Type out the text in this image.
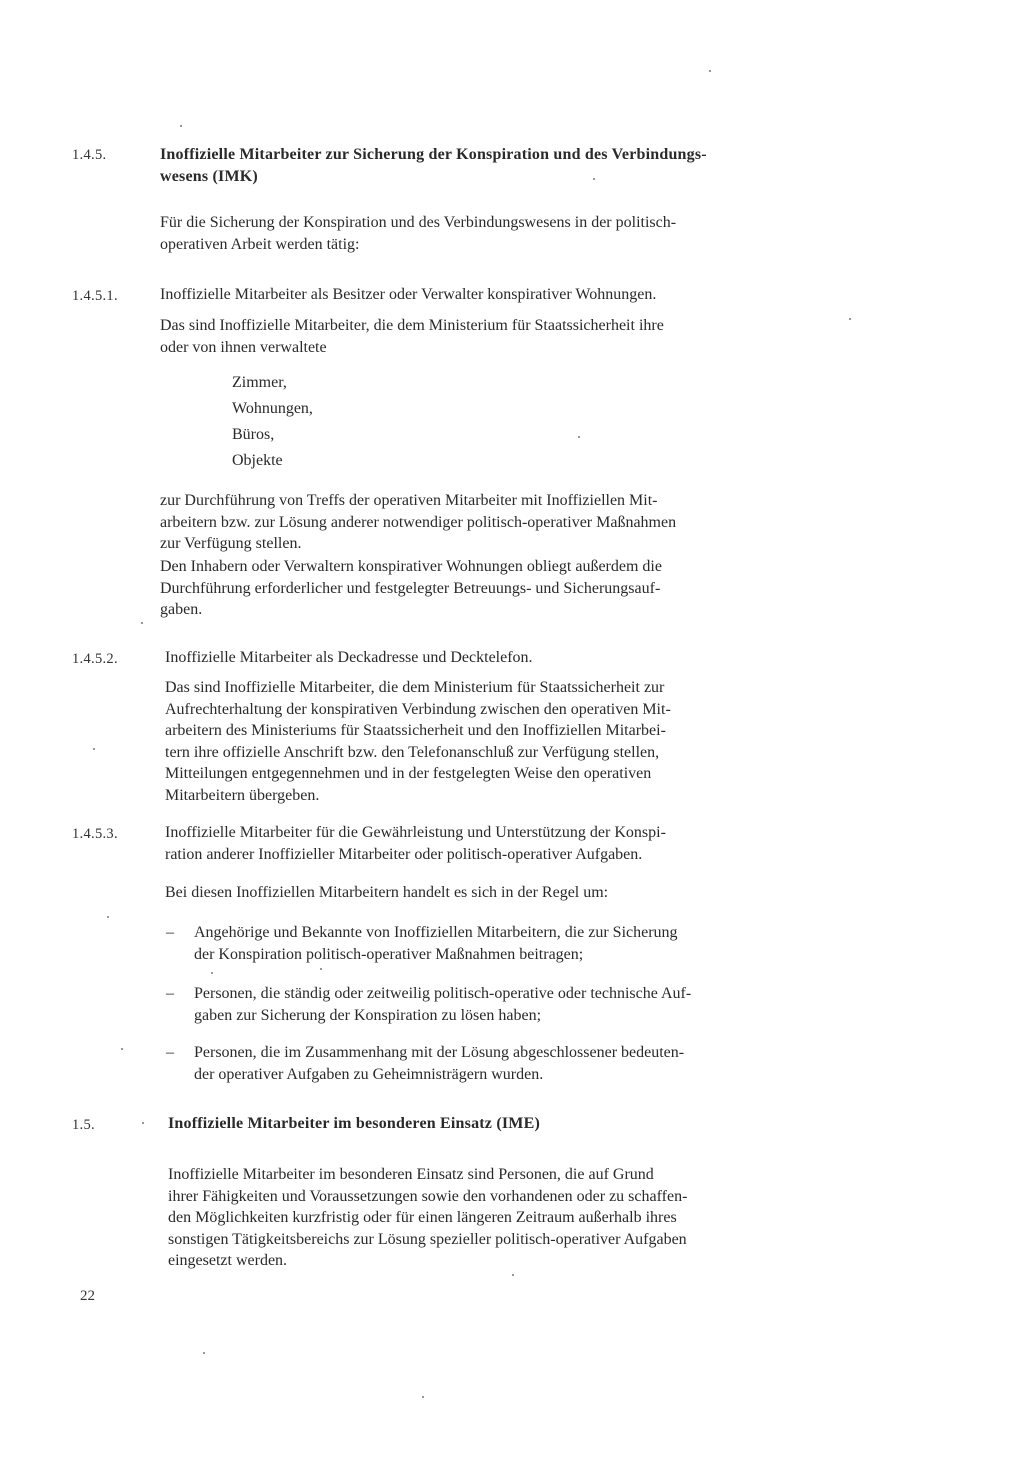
1.4.5.	Inoffizielle Mitarbeiter zur Sicherung der Konspiration und des Verbindungs-
wesens (IMK)
Für die Sicherung der Konspiration und des Verbindungswesens in der politisch-
operativen Arbeit werden tätig:
1.4.5.1.	Inoffizielle Mitarbeiter als Besitzer oder Verwalter konspirativer Wohnungen.
Das sind Inoffizielle Mitarbeiter, die dem Ministerium für Staatssicherheit ihre
oder von ihnen verwaltete
Zimmer,
Wohnungen,
Büros,
Objekte
zur Durchführung von Treffs der operativen Mitarbeiter mit Inoffiziellen Mit-
arbeitern bzw. zur Lösung anderer notwendiger politisch-operativer Maßnahmen
zur Verfügung stellen.
Den Inhabern oder Verwaltern konspirativer Wohnungen obliegt außerdem die
Durchführung erforderlicher und festgelegter Betreuungs- und Sicherungsauf-
gaben.
1.4.5.2.	Inoffizielle Mitarbeiter als Deckadresse und Decktelefon.
Das sind Inoffizielle Mitarbeiter, die dem Ministerium für Staatssicherheit zur
Aufrechterhaltung der konspirativen Verbindung zwischen den operativen Mit-
arbeitern des Ministeriums für Staatssicherheit und den Inoffiziellen Mitarbei-
tern ihre offizielle Anschrift bzw. den Telefonanschluß zur Verfügung stellen,
Mitteilungen entgegennehmen und in der festgelegten Weise den operativen
Mitarbeitern übergeben.
1.4.5.3.	Inoffizielle Mitarbeiter für die Gewährleistung und Unterstützung der Konspi-
ration anderer Inoffizieller Mitarbeiter oder politisch-operativer Aufgaben.
Bei diesen Inoffiziellen Mitarbeitern handelt es sich in der Regel um:
– Angehörige und Bekannte von Inoffiziellen Mitarbeitern, die zur Sicherung
der Konspiration politisch-operativer Maßnahmen beitragen;
– Personen, die ständig oder zeitweilig politisch-operative oder technische Auf-
gaben zur Sicherung der Konspiration zu lösen haben;
– Personen, die im Zusammenhang mit der Lösung abgeschlossener bedeuten-
der operativer Aufgaben zu Geheimnisträgern wurden.
1.5.	Inoffizielle Mitarbeiter im besonderen Einsatz (IME)
Inoffizielle Mitarbeiter im besonderen Einsatz sind Personen, die auf Grund
ihrer Fähigkeiten und Voraussetzungen sowie den vorhandenen oder zu schaffen-
den Möglichkeiten kurzfristig oder für einen längeren Zeitraum außerhalb ihres
sonstigen Tätigkeitsbereichs zur Lösung spezieller politisch-operativer Aufgaben
eingesetzt werden.
22
